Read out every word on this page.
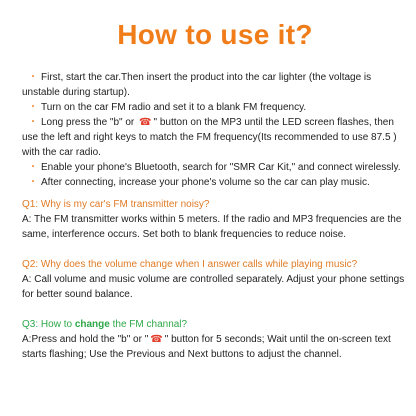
How to use it?
・ First, start the car.Then insert the product into the car lighter (the voltage is unstable during startup).
・ Turn on the car FM radio and set it to a blank FM frequency.
・ Long press the "b" or ☎ " button on the MP3 until the LED screen flashes, then use the left and right keys to match the FM frequency(Its recommended to use 87.5 ) with the car radio.
・ Enable your phone's Bluetooth, search for "SMR Car Kit," and connect wirelessly.
・ After connecting, increase your phone's volume so the car can play music.
Q1: Why is my car's FM transmitter noisy?
A: The FM transmitter works within 5 meters. If the radio and MP3 frequencies are the same, interference occurs. Set both to blank frequencies to reduce noise.
Q2: Why does the volume change when I answer calls while playing music?
A: Call volume and music volume are controlled separately. Adjust your phone settings for better sound balance.
Q3: How to change the FM channal?
A:Press and hold the "b" or " ☎ " button for 5 seconds; Wait until the on-screen text starts flashing; Use the Previous and Next buttons to adjust the channel.
